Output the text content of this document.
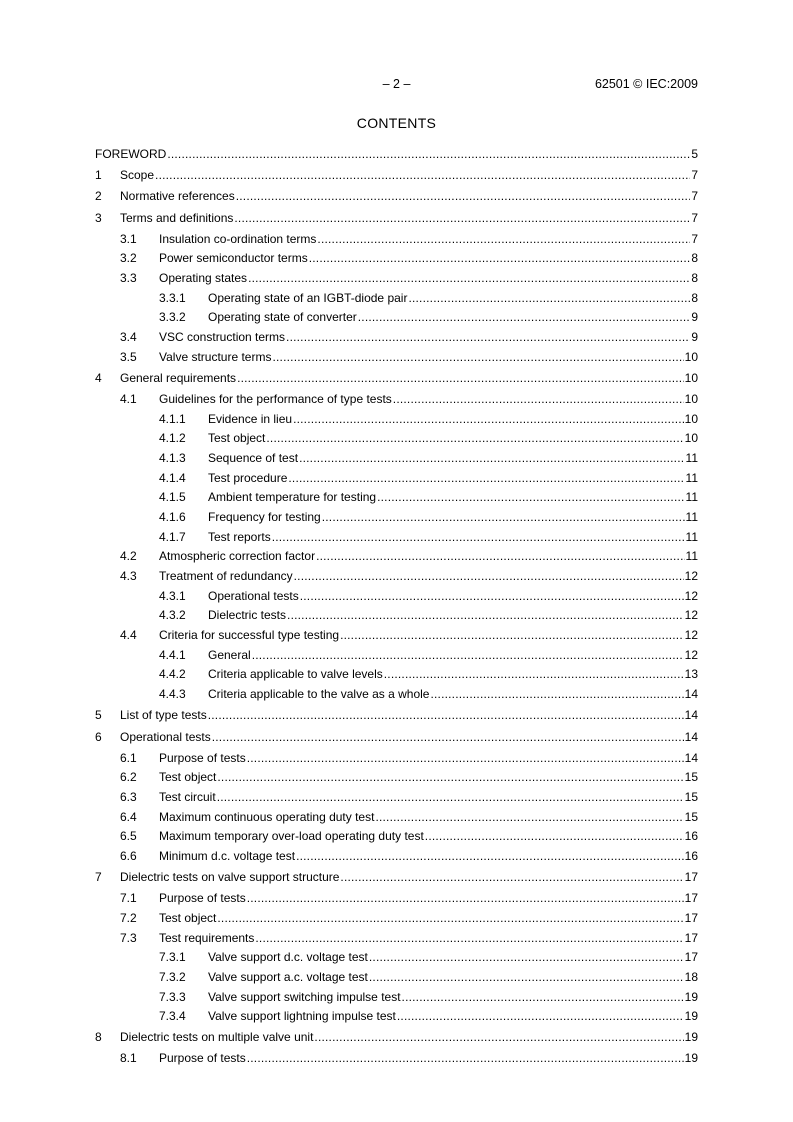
– 2 –	62501 © IEC:2009
CONTENTS
FOREWORD .....	5
1 Scope .....	7
2 Normative references .....	7
3 Terms and definitions .....	7
3.1 Insulation co-ordination terms .....	7
3.2 Power semiconductor terms .....	8
3.3 Operating states .....	8
3.3.1 Operating state of an IGBT-diode pair .....	8
3.3.2 Operating state of converter .....	9
3.4 VSC construction terms .....	9
3.5 Valve structure terms .....	10
4 General requirements .....	10
4.1 Guidelines for the performance of type tests .....	10
4.1.1 Evidence in lieu .....	10
4.1.2 Test object .....	10
4.1.3 Sequence of test .....	11
4.1.4 Test procedure .....	11
4.1.5 Ambient temperature for testing .....	11
4.1.6 Frequency for testing .....	11
4.1.7 Test reports .....	11
4.2 Atmospheric correction factor .....	11
4.3 Treatment of redundancy .....	12
4.3.1 Operational tests .....	12
4.3.2 Dielectric tests .....	12
4.4 Criteria for successful type testing .....	12
4.4.1 General .....	12
4.4.2 Criteria applicable to valve levels .....	13
4.4.3 Criteria applicable to the valve as a whole .....	14
5 List of type tests .....	14
6 Operational tests .....	14
6.1 Purpose of tests .....	14
6.2 Test object .....	15
6.3 Test circuit .....	15
6.4 Maximum continuous operating duty test .....	15
6.5 Maximum temporary over-load operating duty test .....	16
6.6 Minimum d.c. voltage test .....	16
7 Dielectric tests on valve support structure .....	17
7.1 Purpose of tests .....	17
7.2 Test object .....	17
7.3 Test requirements .....	17
7.3.1 Valve support d.c. voltage test .....	17
7.3.2 Valve support a.c. voltage test .....	18
7.3.3 Valve support switching impulse test .....	19
7.3.4 Valve support lightning impulse test .....	19
8 Dielectric tests on multiple valve unit .....	19
8.1 Purpose of tests .....	19
